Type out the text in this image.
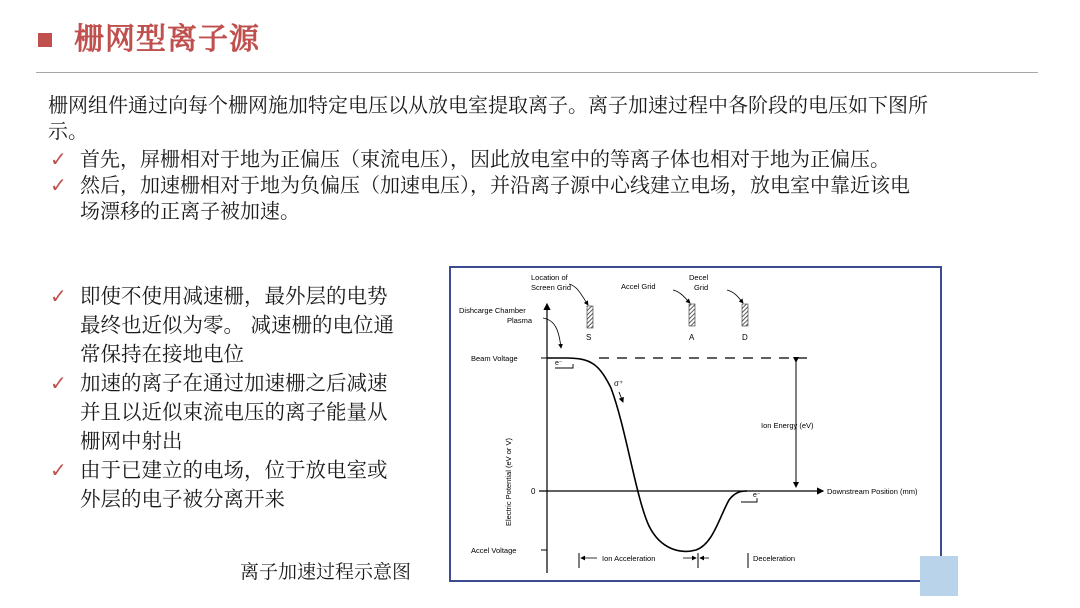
栅网型离子源

栅网组件通过向每个栅网施加特定电压以从放电室提取离子。离子加速过程中各阶段的电压如下图所示。

✓ 首先，屏栅相对于地为正偏压（束流电压），因此放电室中的等离子体也相对于地为正偏压。
✓ 然后，加速栅相对于地为负偏压（加速电压），并沿离子源中心线建立电场，放电室中靠近该电场漂移的正离子被加速。
✓ 即使不使用减速栅，最外层的电势最终也近似为零。 减速栅的电位通常保持在接地电位
✓ 加速的离子在通过加速栅之后减速并且以近似束流电压的离子能量从栅网中射出
✓ 由于已建立的电场，位于放电室或外层的电子被分离开来
Location of
Screen Grid	Accel Grid
Decel
Grid
Dishcarge Chamber
Plasma
S	A	D
Beam Voltage
0
Accel Voltage
Electric Potential (eV or V)	Downstream Position (mm)
Ion Energy (eV)
Ion Acceleration	Deceleration
e⁻
e⁻
σ⁺
离子加速过程示意图
